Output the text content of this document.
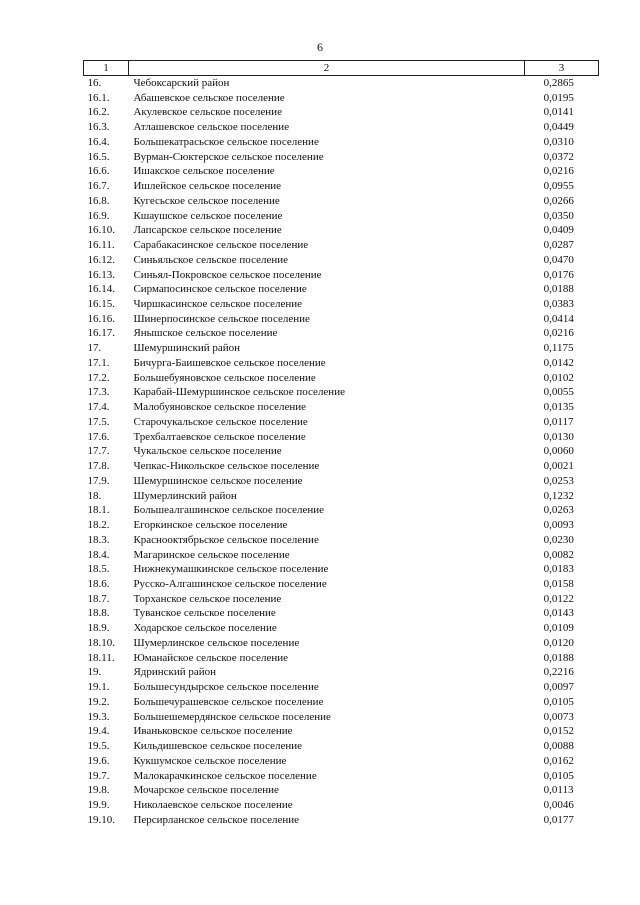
6
1	2	3
16.	Чебоксарский район	0,2865
16.1.	Абашевское сельское поселение	0,0195
16.2.	Акулевское сельское поселение	0,0141
16.3.	Атлашевское сельское поселение	0,0449
16.4.	Большекатрасьское сельское поселение	0,0310
16.5.	Вурман-Сюктерское сельское поселение	0,0372
16.6.	Ишакское сельское поселение	0,0216
16.7.	Ишлейское сельское поселение	0,0955
16.8.	Кугесьское сельское поселение	0,0266
16.9.	Кшаушское сельское поселение	0,0350
16.10.	Лапсарское сельское поселение	0,0409
16.11.	Сарабакасинское сельское поселение	0,0287
16.12.	Синьяльское сельское поселение	0,0470
16.13.	Синьял-Покровское сельское поселение	0,0176
16.14.	Сирмапосинское сельское поселение	0,0188
16.15.	Чиршкасинское сельское поселение	0,0383
16.16.	Шинерпосинское сельское поселение	0,0414
16.17.	Янышское сельское поселение	0,0216
17.	Шемуршинский район	0,1175
17.1.	Бичурга-Баишевское сельское поселение	0,0142
17.2.	Большебуяновское сельское поселение	0,0102
17.3.	Карабай-Шемуршинское сельское поселение	0,0055
17.4.	Малобуяновское сельское поселение	0,0135
17.5.	Старочукальское сельское поселение	0,0117
17.6.	Трехбалтаевское сельское поселение	0,0130
17.7.	Чукальское сельское поселение	0,0060
17.8.	Чепкас-Никольское сельское поселение	0,0021
17.9.	Шемуршинское сельское поселение	0,0253
18.	Шумерлинский район	0,1232
18.1.	Большеалгашинское сельское поселение	0,0263
18.2.	Егоркинское сельское поселение	0,0093
18.3.	Краснооктябрьское сельское поселение	0,0230
18.4.	Магаринское сельское поселение	0,0082
18.5.	Нижнекумашкинское сельское поселение	0,0183
18.6.	Русско-Алгашинское сельское поселение	0,0158
18.7.	Торханское сельское поселение	0,0122
18.8.	Туванское сельское поселение	0,0143
18.9.	Ходарское сельское поселение	0,0109
18.10.	Шумерлинское сельское поселение	0,0120
18.11.	Юманайское сельское поселение	0,0188
19.	Ядринский район	0,2216
19.1.	Большесундырское сельское поселение	0,0097
19.2.	Большечурашевское сельское поселение	0,0105
19.3.	Большешемердянское сельское поселение	0,0073
19.4.	Иваньковское сельское поселение	0,0152
19.5.	Кильдишевское сельское поселение	0,0088
19.6.	Кукшумское сельское поселение	0,0162
19.7.	Малокарачкинское сельское поселение	0,0105
19.8.	Мочарское сельское поселение	0,0113
19.9.	Николаевское сельское поселение	0,0046
19.10.	Персирланское сельское поселение	0,0177
